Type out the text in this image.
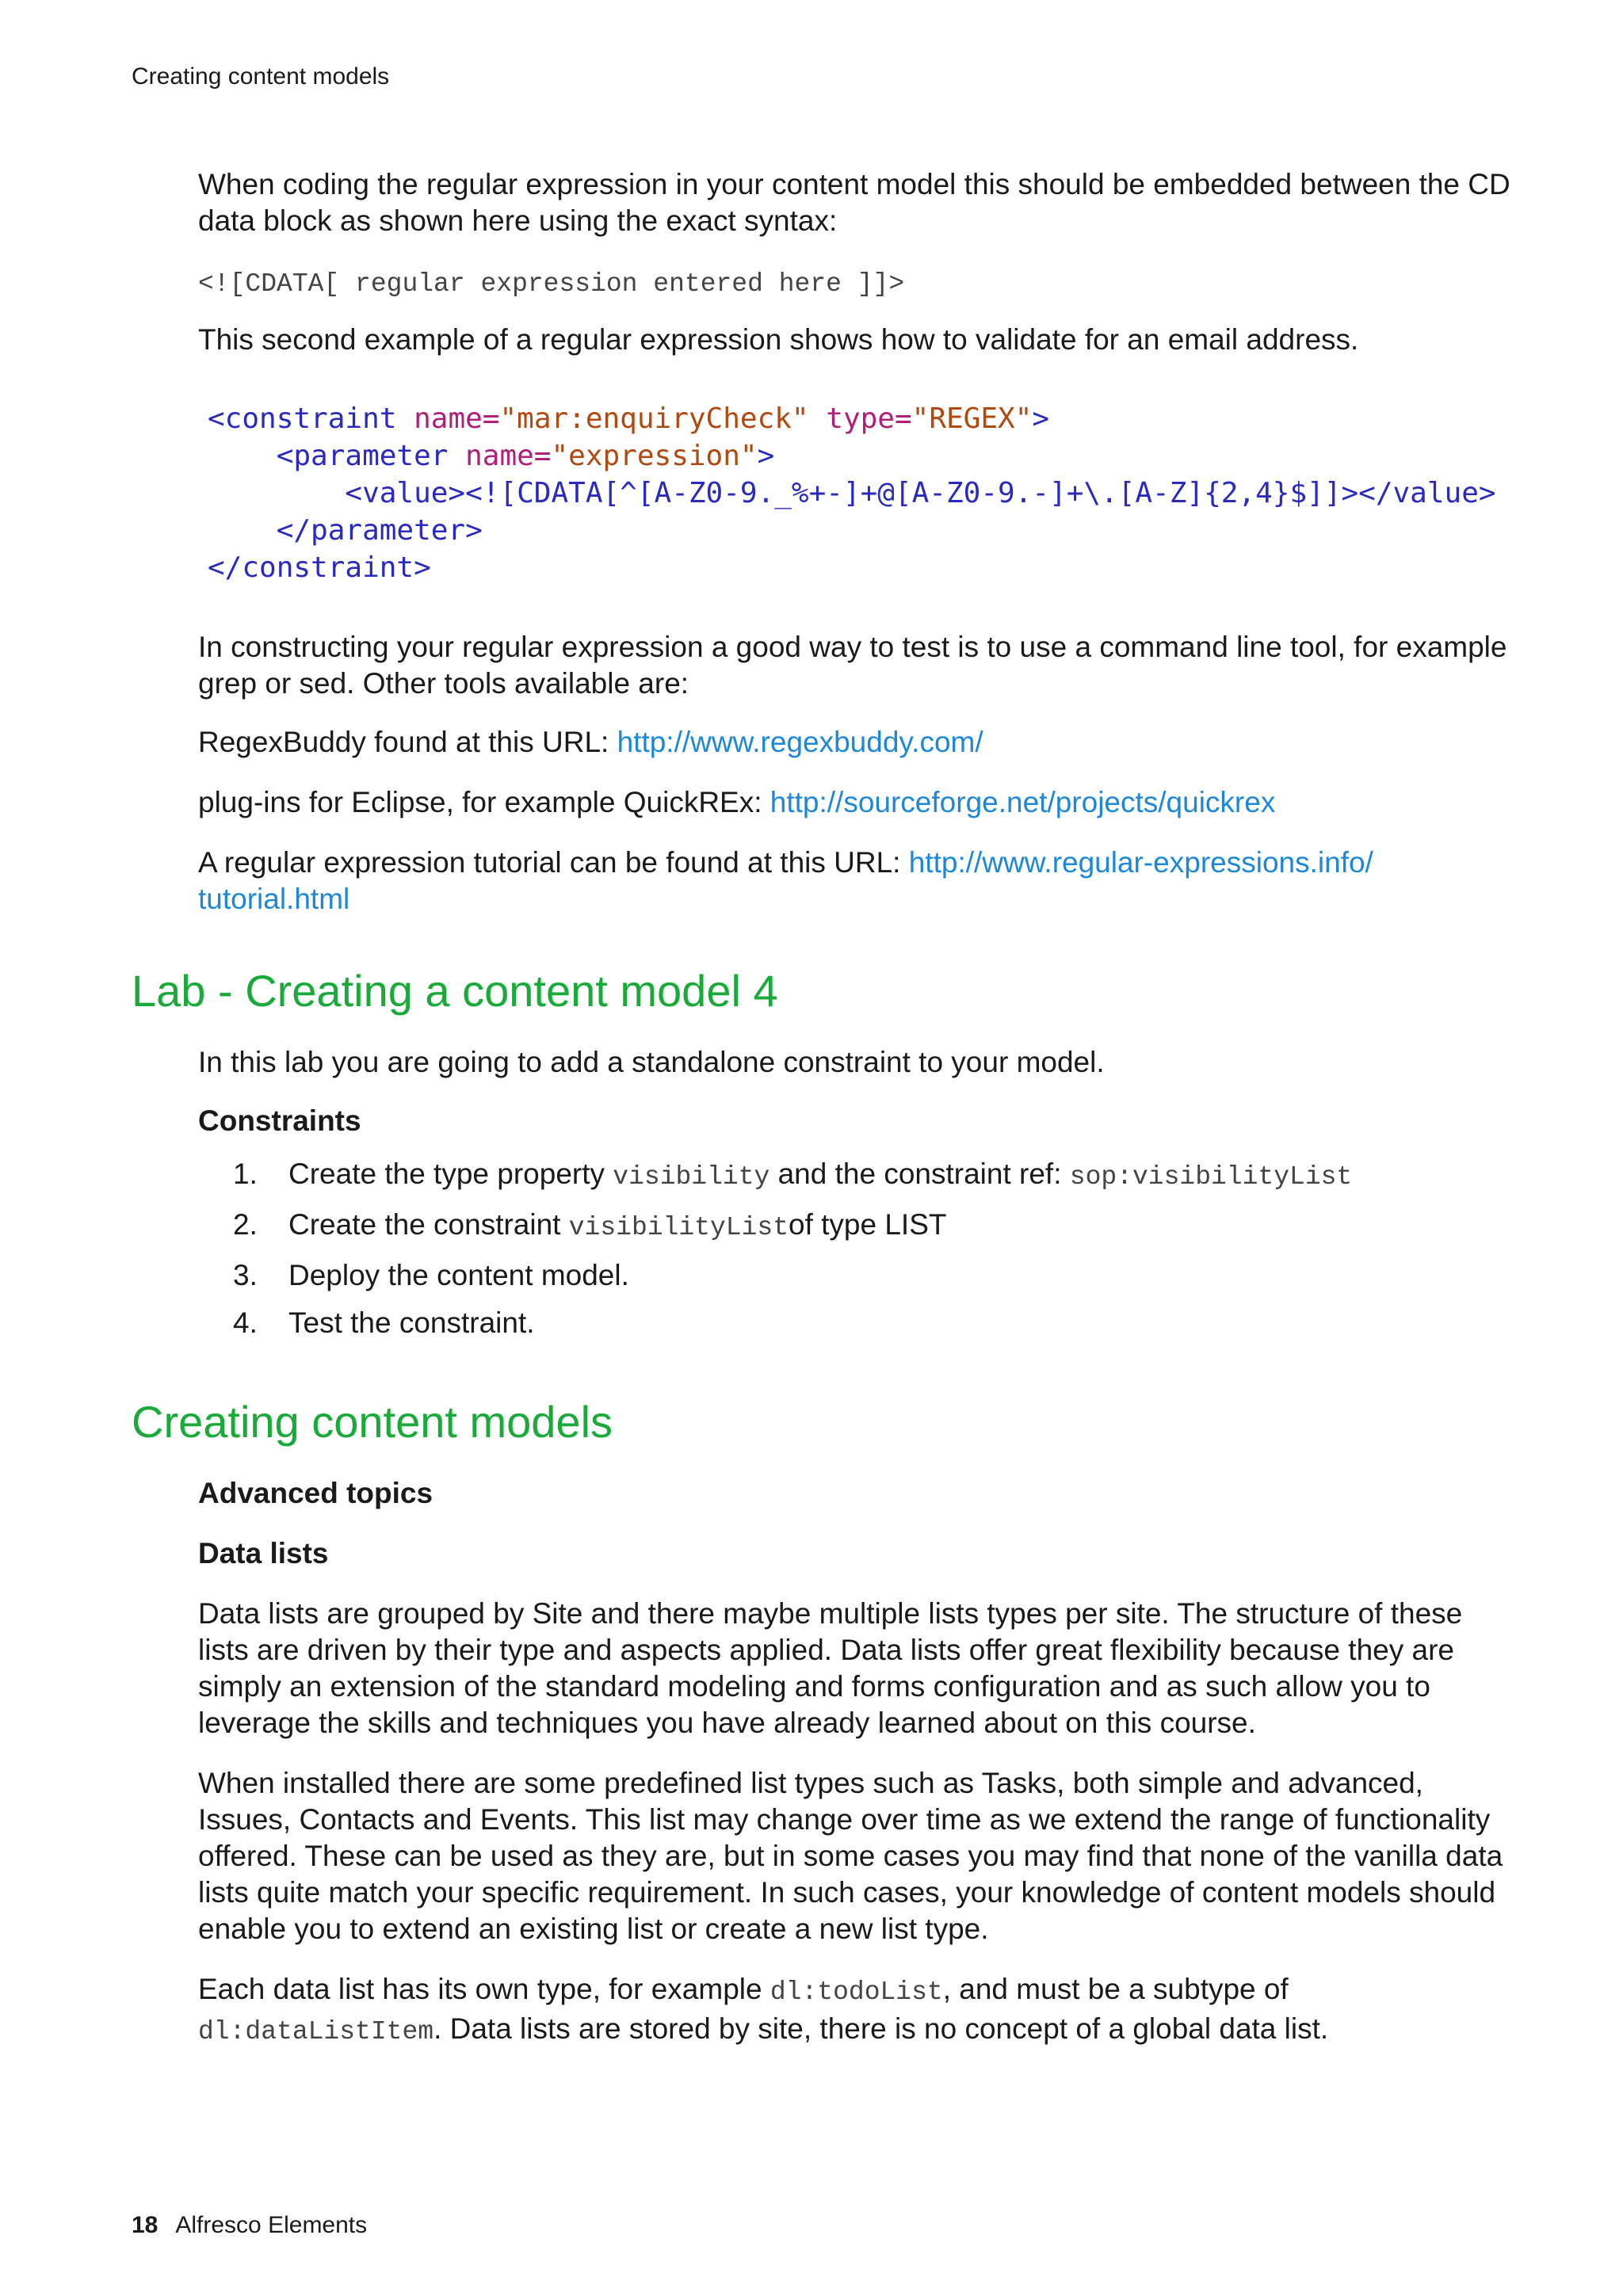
Creating content models

When coding the regular expression in your content model this should be embedded between the CD data block as shown here using the exact syntax:

<![CDATA[ regular expression entered here ]]>

This second example of a regular expression shows how to validate for an email address.

<constraint name="mar:enquiryCheck" type="REGEX">
<parameter name="expression">
<value><![CDATA[^[A-Z0-9._%+-]+@[A-Z0-9.-]+\.[A-Z]{2,4}$]]></value>
</parameter>
</constraint>

In constructing your regular expression a good way to test is to use a command line tool, for example grep or sed. Other tools available are:

RegexBuddy found at this URL: http://www.regexbuddy.com/

plug-ins for Eclipse, for example QuickREx: http://sourceforge.net/projects/quickrex

A regular expression tutorial can be found at this URL: http://www.regular-expressions.info/
tutorial.html

Lab - Creating a content model 4

In this lab you are going to add a standalone constraint to your model.

Constraints

1. Create the type property visibility and the constraint ref: sop:visibilityList
2. Create the constraint visibilityListof type LIST
3. Deploy the content model.
4. Test the constraint.
Creating content models

Advanced topics

Data lists

Data lists are grouped by Site and there maybe multiple lists types per site. The structure of these lists are driven by their type and aspects applied. Data lists offer great flexibility because they are simply an extension of the standard modeling and forms configuration and as such allow you to leverage the skills and techniques you have already learned about on this course.

When installed there are some predefined list types such as Tasks, both simple and advanced, Issues, Contacts and Events. This list may change over time as we extend the range of functionality offered. These can be used as they are, but in some cases you may find that none of the vanilla data lists quite match your specific requirement. In such cases, your knowledge of content models should enable you to extend an existing list or create a new list type.

Each data list has its own type, for example dl:todoList, and must be a subtype of
dl:dataListItem. Data lists are stored by site, there is no concept of a global data list.

18 Alfresco Elements
